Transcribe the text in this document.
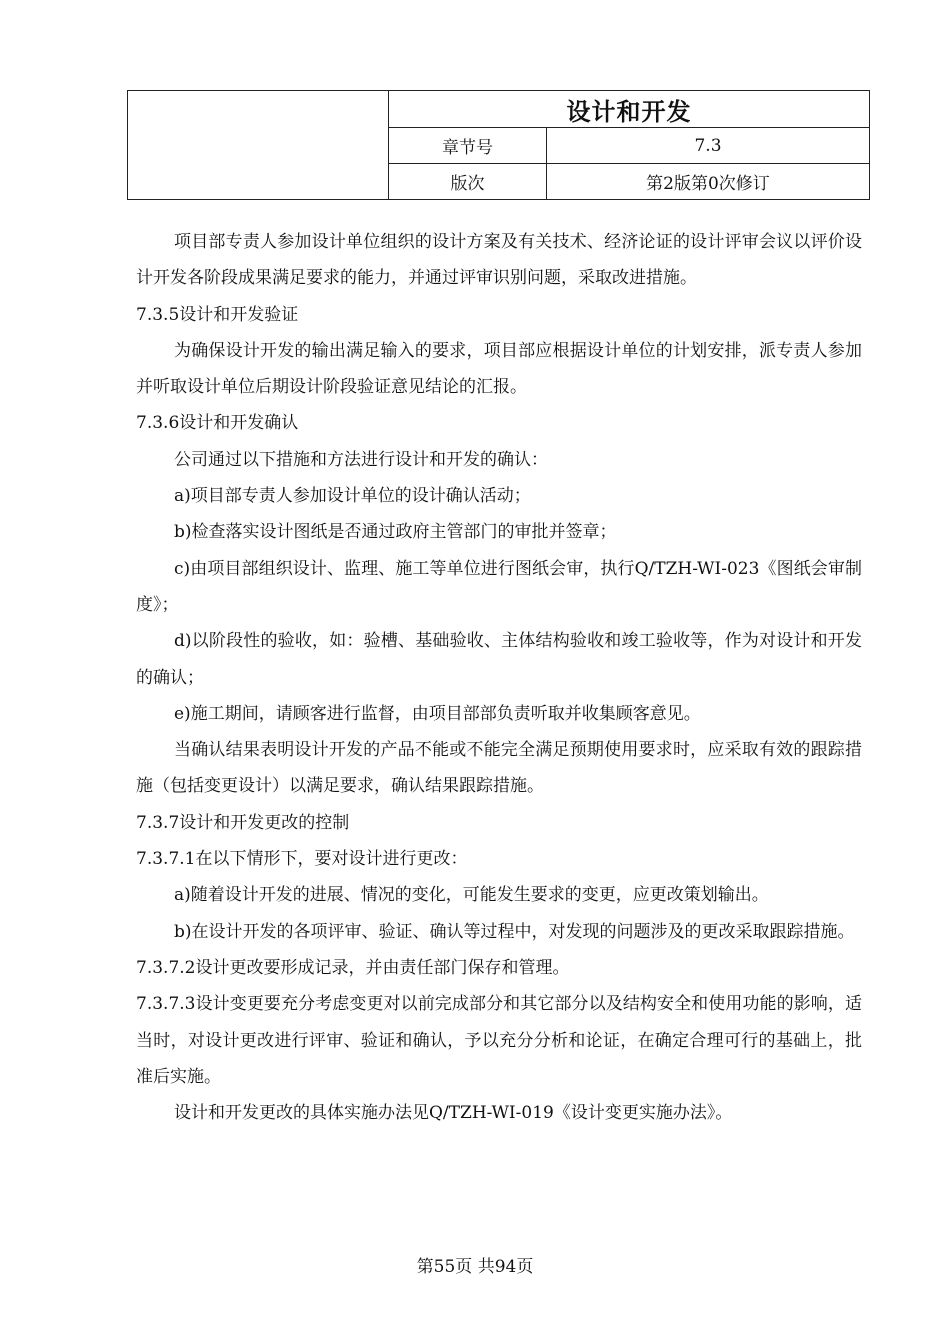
	设计和开发	
	章节号	7.3
	版次	第2版第0次修订

项目部专责人参加设计单位组织的设计方案及有关技术、经济论证的设计评审会议以评价设计开发各阶段成果满足要求的能力，并通过评审识别问题，采取改进措施。

7.3.5设计和开发验证

为确保设计开发的输出满足输入的要求，项目部应根据设计单位的计划安排，派专责人参加并听取设计单位后期设计阶段验证意见结论的汇报。

7.3.6设计和开发确认

公司通过以下措施和方法进行设计和开发的确认：

a)项目部专责人参加设计单位的设计确认活动；

b)检查落实设计图纸是否通过政府主管部门的审批并签章；

c)由项目部组织设计、监理、施工等单位进行图纸会审，执行Q/TZH-WI-023《图纸会审制度》；

d)以阶段性的验收，如：验槽、基础验收、主体结构验收和竣工验收等，作为对设计和开发的确认；

e)施工期间，请顾客进行监督，由项目部部负责听取并收集顾客意见。

当确认结果表明设计开发的产品不能或不能完全满足预期使用要求时，应采取有效的跟踪措施（包括变更设计）以满足要求，确认结果跟踪措施。

7.3.7设计和开发更改的控制

7.3.7.1在以下情形下，要对设计进行更改：

a)随着设计开发的进展、情况的变化，可能发生要求的变更，应更改策划输出。

b)在设计开发的各项评审、验证、确认等过程中，对发现的问题涉及的更改采取跟踪措施。

7.3.7.2设计更改要形成记录，并由责任部门保存和管理。

7.3.7.3设计变更要充分考虑变更对以前完成部分和其它部分以及结构安全和使用功能的影响，适当时，对设计更改进行评审、验证和确认，予以充分分析和论证，在确定合理可行的基础上，批准后实施。

设计和开发更改的具体实施办法见Q/TZH-WI-019《设计变更实施办法》。

第55页 共94页
